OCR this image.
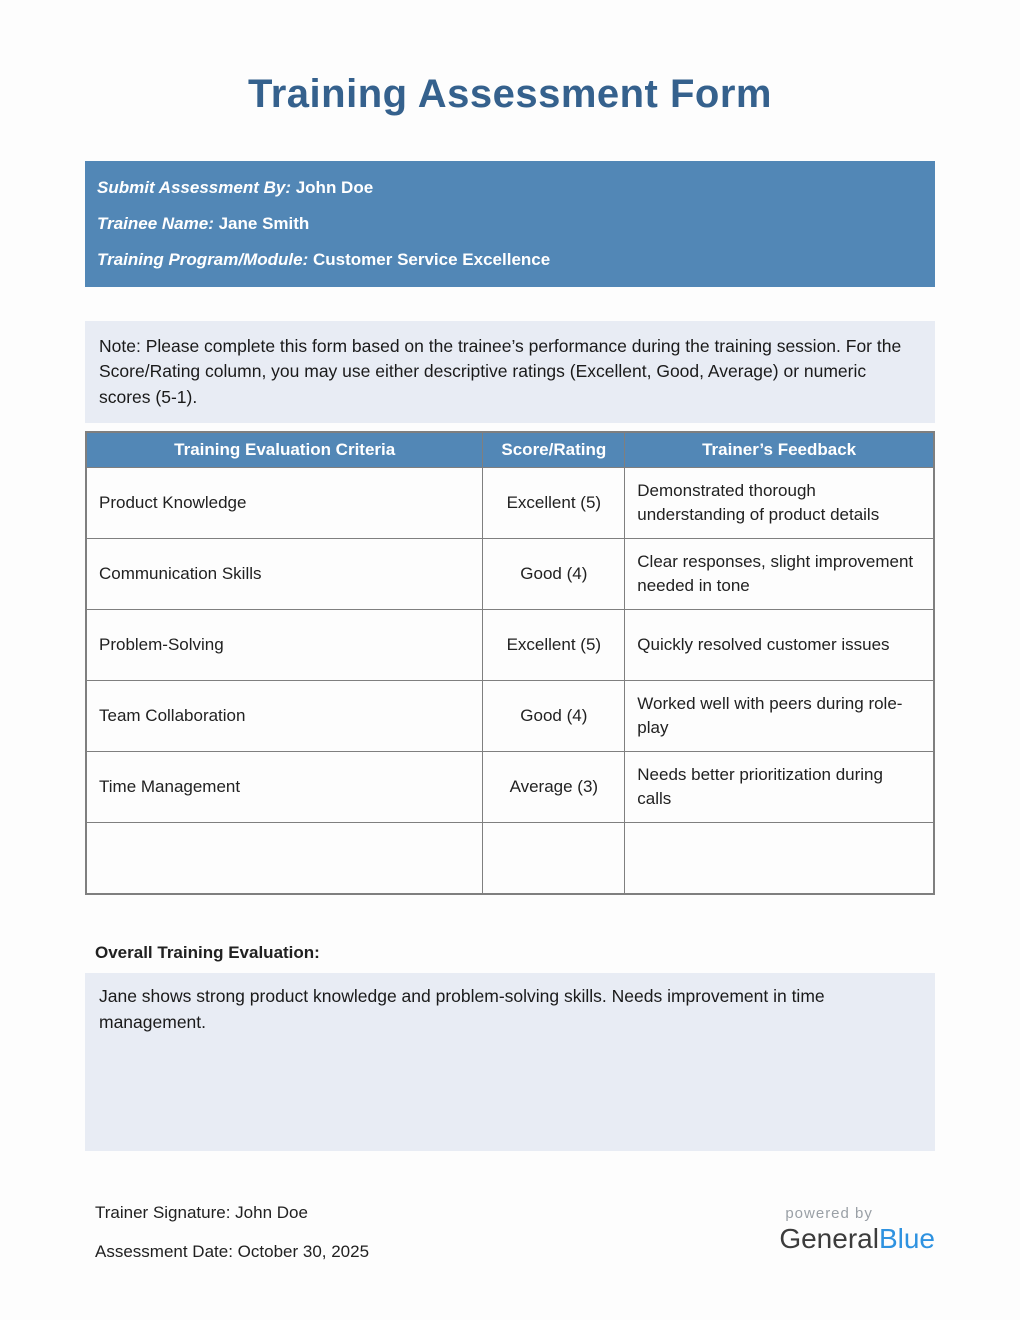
Training Assessment Form
Submit Assessment By: John Doe
Trainee Name: Jane Smith
Training Program/Module: Customer Service Excellence
Note: Please complete this form based on the trainee’s performance during the training session. For the Score/Rating column, you may use either descriptive ratings (Excellent, Good, Average) or numeric scores (5-1).
Training Evaluation Criteria	Score/Rating	Trainer’s Feedback
Product Knowledge	Excellent (5)	Demonstrated thorough understanding of product details
Communication Skills	Good (4)	Clear responses, slight improvement needed in tone
Problem-Solving	Excellent (5)	Quickly resolved customer issues
Team Collaboration	Good (4)	Worked well with peers during role-play
Time Management	Average (3)	Needs better prioritization during calls

Overall Training Evaluation:
Jane shows strong product knowledge and problem-solving skills. Needs improvement in time management.
Trainer Signature: John Doe
Assessment Date: October 30, 2025
powered by
GeneralBlue
